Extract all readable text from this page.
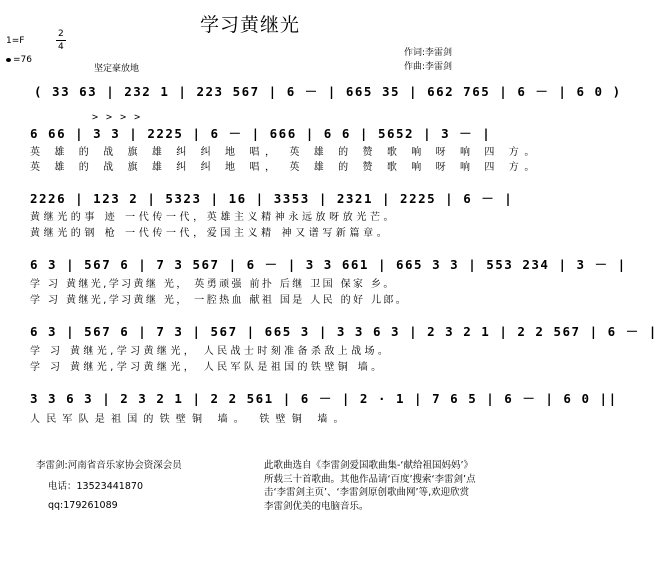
学习黄继光
1=F
2
4
=76
坚定豪放地
作词:李雷剑
作曲:李雷剑
( 33 63 | 232 1 | 223 567 | 6 － | 665 35 | 662 765 | 6 － | 6 0 )
> > > >
6 66 | 3 3 | 2225 | 6 － | 666 | 6 6 | 5652 | 3 － |
英 雄 的 战 旗 雄 纠 纠 地 唱， 英 雄 的 赞 歌 响 呀 响 四 方。
英 雄 的 战 旗 雄 纠 纠 地 唱， 英 雄 的 赞 歌 响 呀 响 四 方。
2226 | 123 2 | 5323 | 16 | 3353 | 2321 | 2225 | 6 － |
黄继光的事 迹 一代传一代，英雄主义精神永远放呀放光芒。
黄继光的钢 枪 一代传一代，爱国主义精 神又谱写新篇章。
6 3 | 567 6 | 7 3 567 | 6 － | 3 3 661 | 665 3 3 | 553 234 | 3 － |
学 习 黄继光,学习黄继 光， 英勇顽强 前扑 后继 卫国 保家 乡。
学 习 黄继光,学习黄继 光， 一腔热血 献祖 国是 人民 的好 儿郎。
6 3 | 567 6 | 7 3 | 567 | 665 3 | 3 3 6 3 | 2 3 2 1 | 2 2 567 | 6 － |
学 习 黄继光,学习黄继光， 人民战士时刻准备杀敌上战场。
学 习 黄继光,学习黄继光， 人民军队是祖国的铁壁铜 墙。
3 3 6 3 | 2 3 2 1 | 2 2 561 | 6 － | 2 · 1 | 7 6 5 | 6 － | 6 0 ||
人民军队是祖国的铁壁铜 墙。 铁壁铜 墙。
李雷剑:河南省音乐家协会资深会员
电话：13523441870
qq:179261089
此歌曲选自《李雷剑爱国歌曲集-‘献给祖国妈妈’》所载三十首歌曲。其他作品请‘百度’搜索‘李雷剑’点击‘李雷剑主页’、‘李雷剑原创歌曲网’等,欢迎欣赏李雷剑优美的电脑音乐。
